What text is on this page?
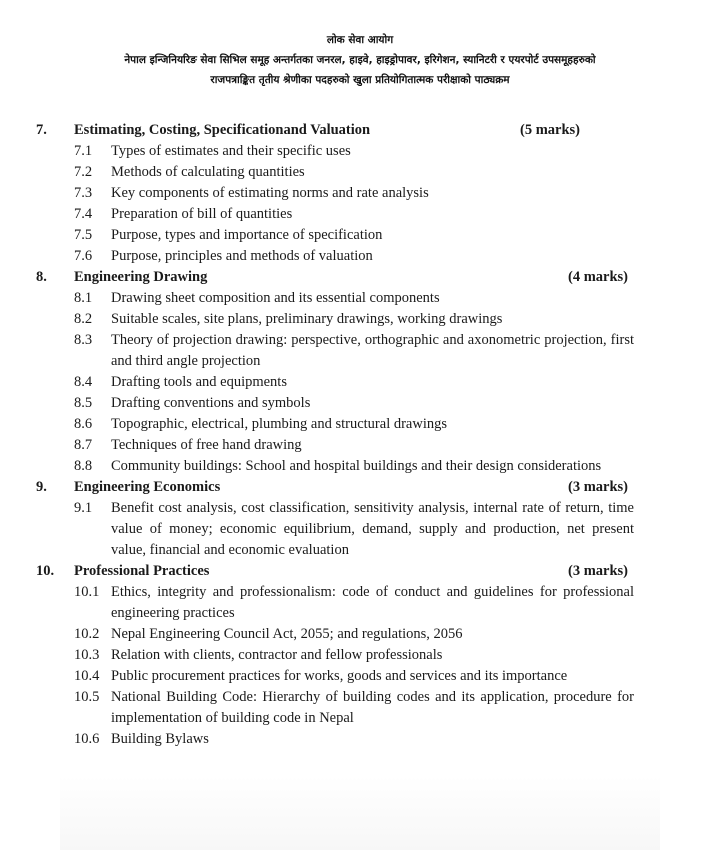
लोक सेवा आयोग
नेपाल इन्जिनियरिङ सेवा सिभिल समूह अन्तर्गतका जनरल, हाइवे, हाइड्रोपावर, इरिगेशन, स्यानिटरी र एयरपोर्ट उपसमूहहरुको
राजपत्राङ्कित तृतीय श्रेणीका पदहरुको खुला प्रतियोगितात्मक परीक्षाको पाठ्यक्रम
7. Estimating, Costing, Specificationand Valuation	(5 marks)
7.1 Types of estimates and their specific uses
7.2 Methods of calculating quantities
7.3 Key components of estimating norms and rate analysis
7.4 Preparation of bill of quantities
7.5 Purpose, types and importance of specification
7.6 Purpose, principles and methods of valuation
8. Engineering Drawing	(4 marks)
8.1 Drawing sheet composition and its essential components
8.2 Suitable scales, site plans, preliminary drawings, working drawings
8.3 Theory of projection drawing: perspective, orthographic and axonometric projection, first and third angle projection
8.4 Drafting tools and equipments
8.5 Drafting conventions and symbols
8.6 Topographic, electrical, plumbing and structural drawings
8.7 Techniques of free hand drawing
8.8 Community buildings: School and hospital buildings and their design considerations
9. Engineering Economics	(3 marks)
9.1 Benefit cost analysis, cost classification, sensitivity analysis, internal rate of return, time value of money; economic equilibrium, demand, supply and production, net present value, financial and economic evaluation
10. Professional Practices	(3 marks)
10.1 Ethics, integrity and professionalism: code of conduct and guidelines for professional engineering practices
10.2 Nepal Engineering Council Act, 2055; and regulations, 2056
10.3 Relation with clients, contractor and fellow professionals
10.4 Public procurement practices for works, goods and services and its importance
10.5 National Building Code: Hierarchy of building codes and its application, procedure for implementation of building code in Nepal
10.6 Building Bylaws
